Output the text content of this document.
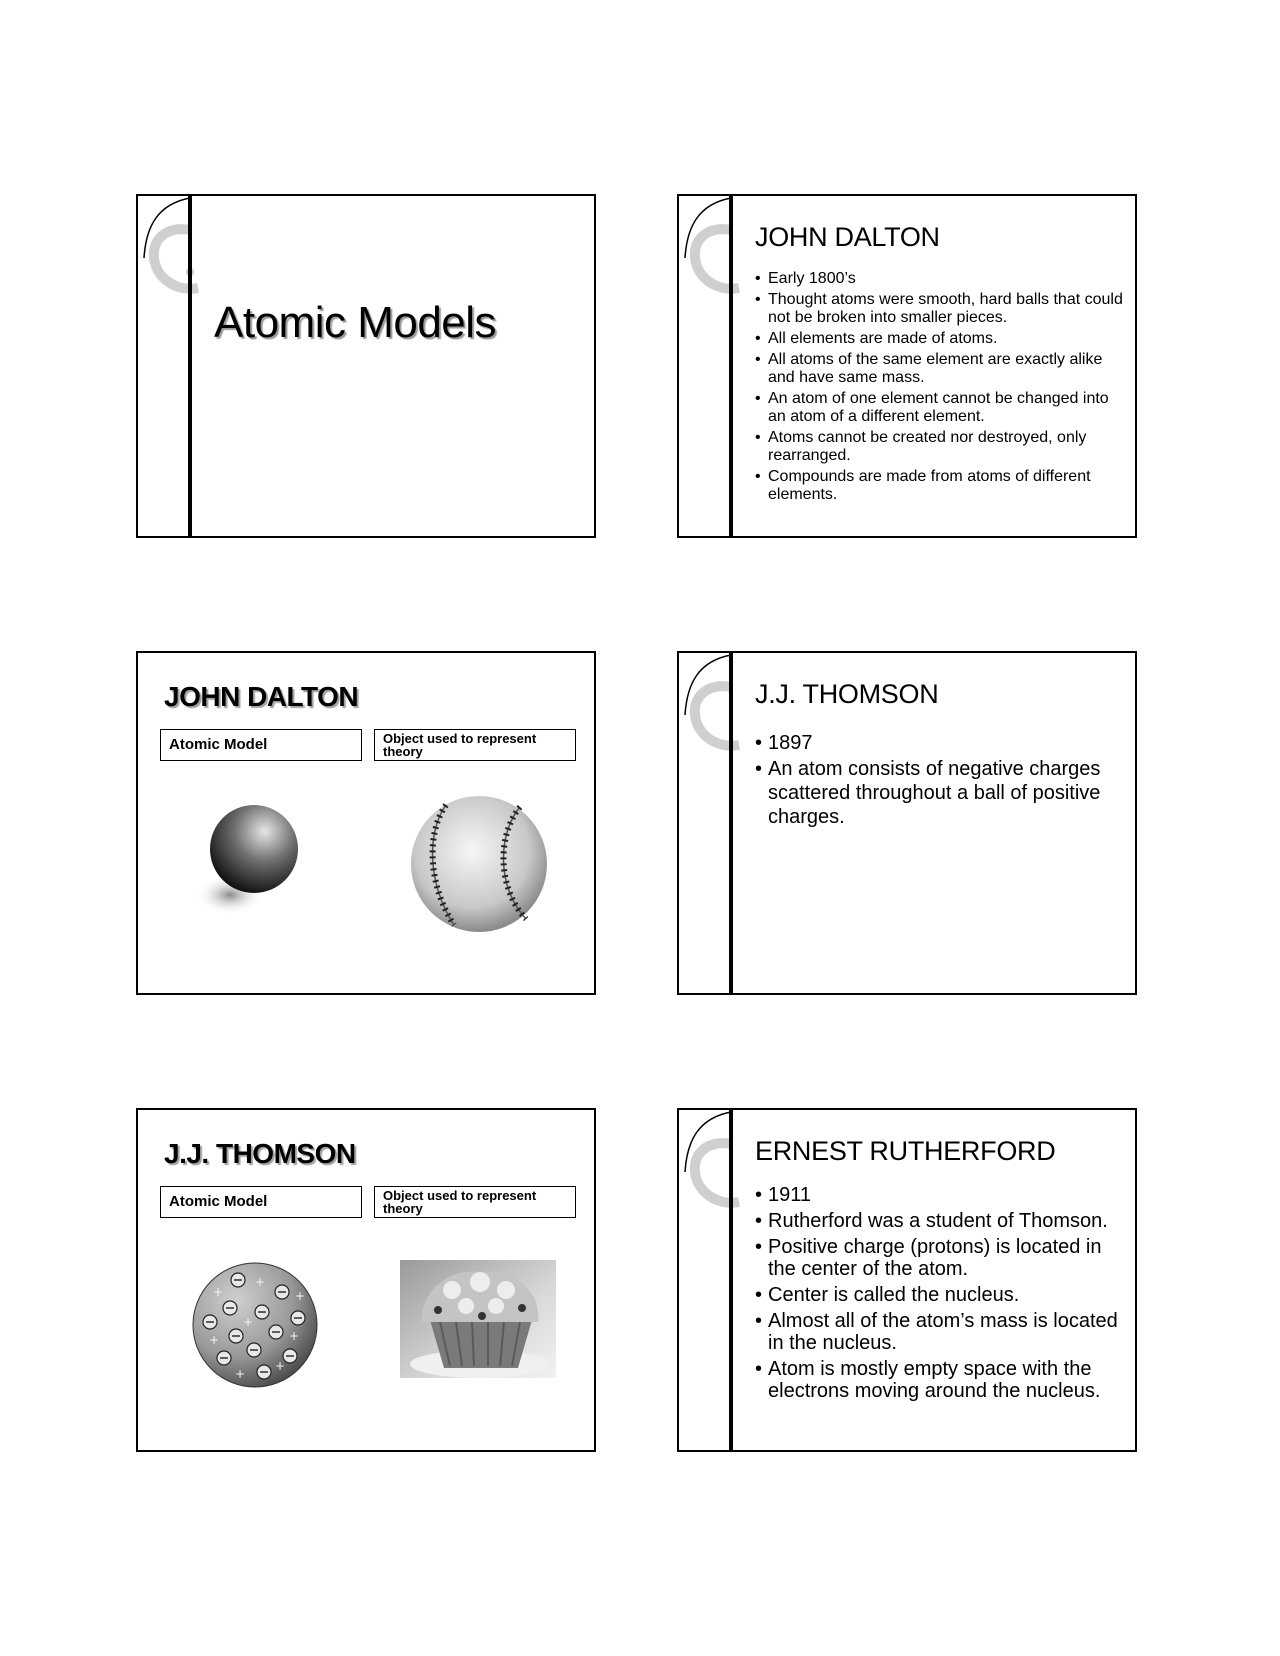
Atomic Models
JOHN DALTON
• Early 1800’s
• Thought atoms were smooth, hard balls that could not be broken into smaller pieces.
• All elements are made of atoms.
• All atoms of the same element are exactly alike and have same mass.
• An atom of one element cannot be changed into an atom of a different element.
• Atoms cannot be created nor destroyed, only rearranged.
• Compounds are made from atoms of different elements.
JOHN DALTON
Atomic Model	Object used to represent theory
J.J. THOMSON
• 1897
• An atom consists of negative charges scattered throughout a ball of positive charges.
J.J. THOMSON
Atomic Model	Object used to represent theory
+
+	+
+
+	+
+
+
ERNEST RUTHERFORD
• 1911
• Rutherford was a student of Thomson.
• Positive charge (protons) is located in the center of the atom.
• Center is called the nucleus.
• Almost all of the atom’s mass is located in the nucleus.
• Atom is mostly empty space with the electrons moving around the nucleus.
